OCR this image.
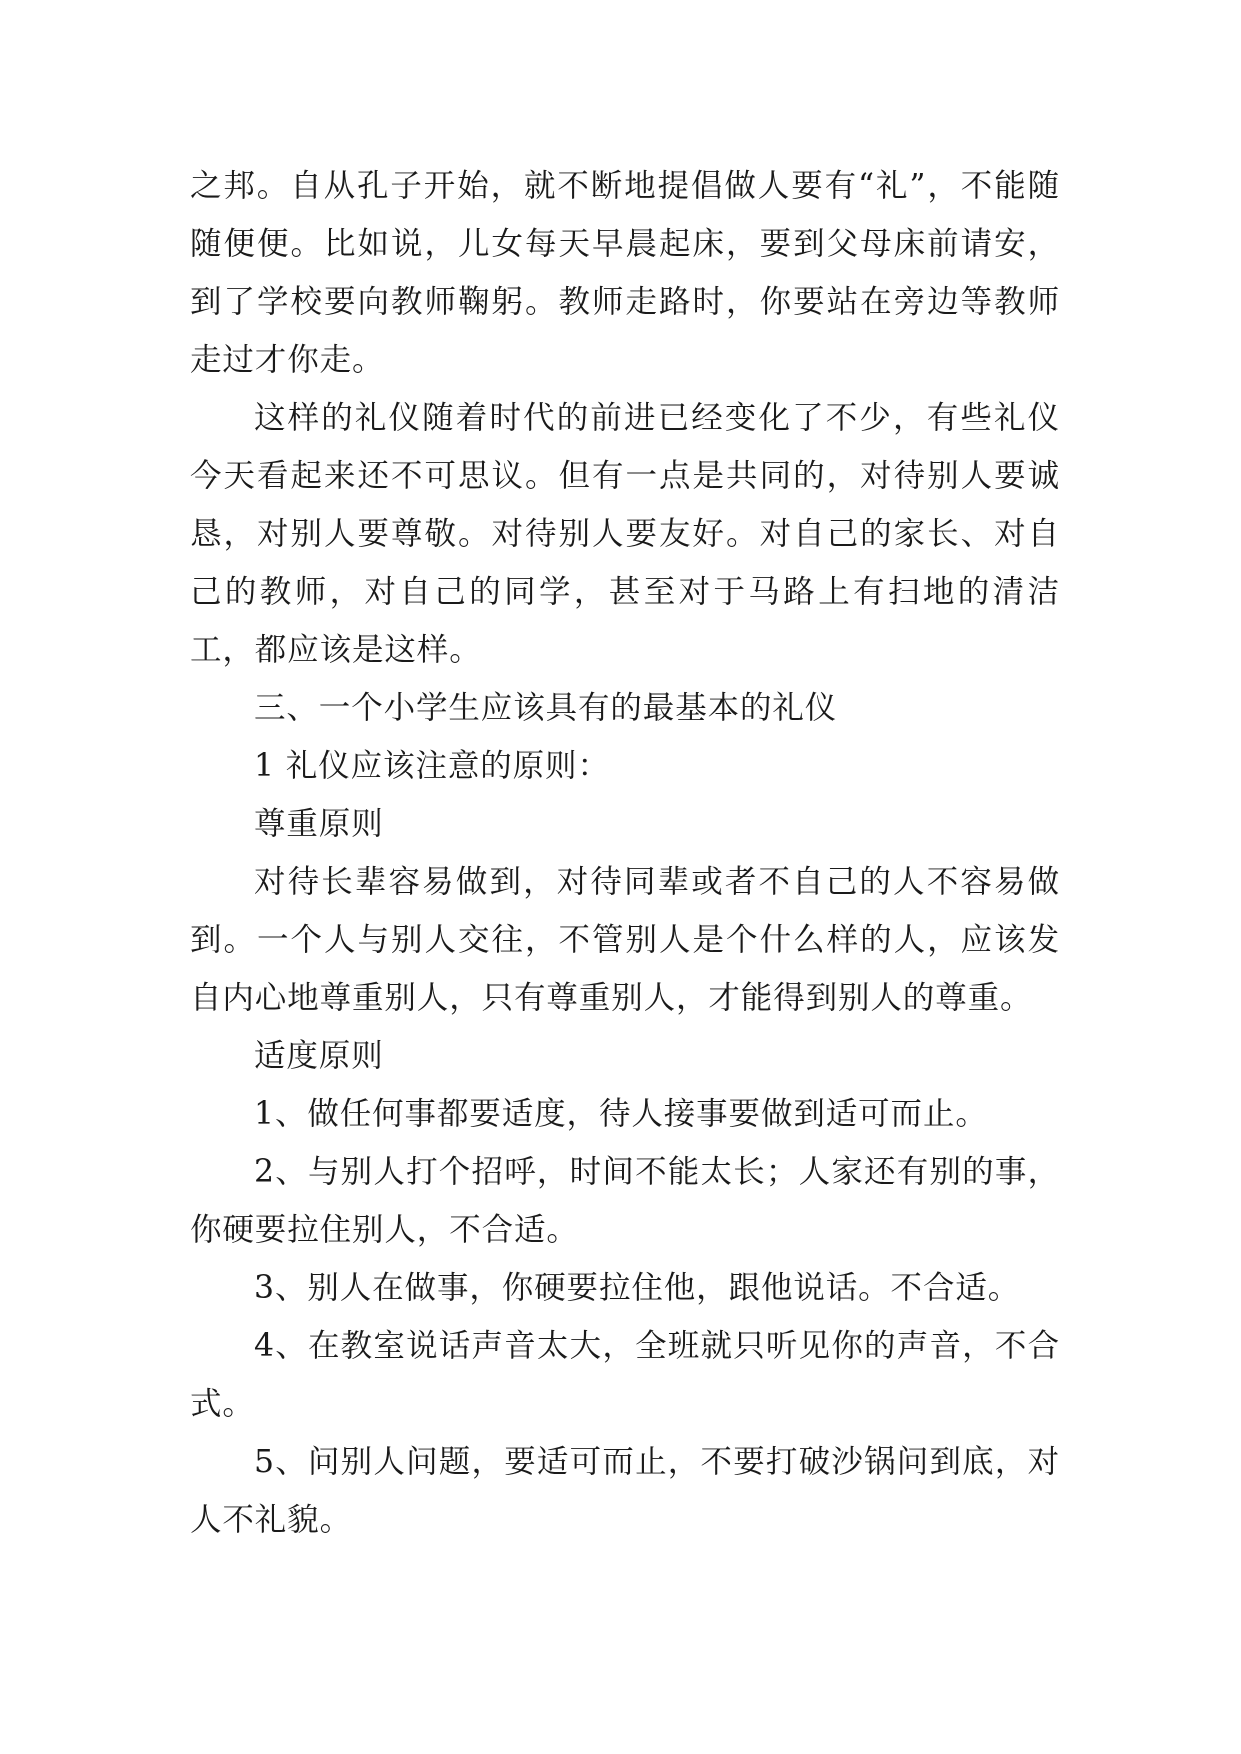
之邦。自从孔子开始，就不断地提倡做人要有“礼”，不能随随便便。比如说，儿女每天早晨起床，要到父母床前请安，到了学校要向教师鞠躬。教师走路时，你要站在旁边等教师走过才你走。

这样的礼仪随着时代的前进已经变化了不少，有些礼仪今天看起来还不可思议。但有一点是共同的，对待别人要诚恳，对别人要尊敬。对待别人要友好。对自己的家长、对自己的教师，对自己的同学，甚至对于马路上有扫地的清洁工，都应该是这样。

三、一个小学生应该具有的最基本的礼仪

1 礼仪应该注意的原则：

尊重原则

对待长辈容易做到，对待同辈或者不自己的人不容易做到。一个人与别人交往，不管别人是个什么样的人，应该发自内心地尊重别人，只有尊重别人，才能得到别人的尊重。

适度原则

1、做任何事都要适度，待人接事要做到适可而止。

2、与别人打个招呼，时间不能太长；人家还有别的事，你硬要拉住别人，不合适。

3、别人在做事，你硬要拉住他，跟他说话。不合适。

4、在教室说话声音太大，全班就只听见你的声音，不合式。

5、问别人问题，要适可而止，不要打破沙锅问到底，对人不礼貌。
